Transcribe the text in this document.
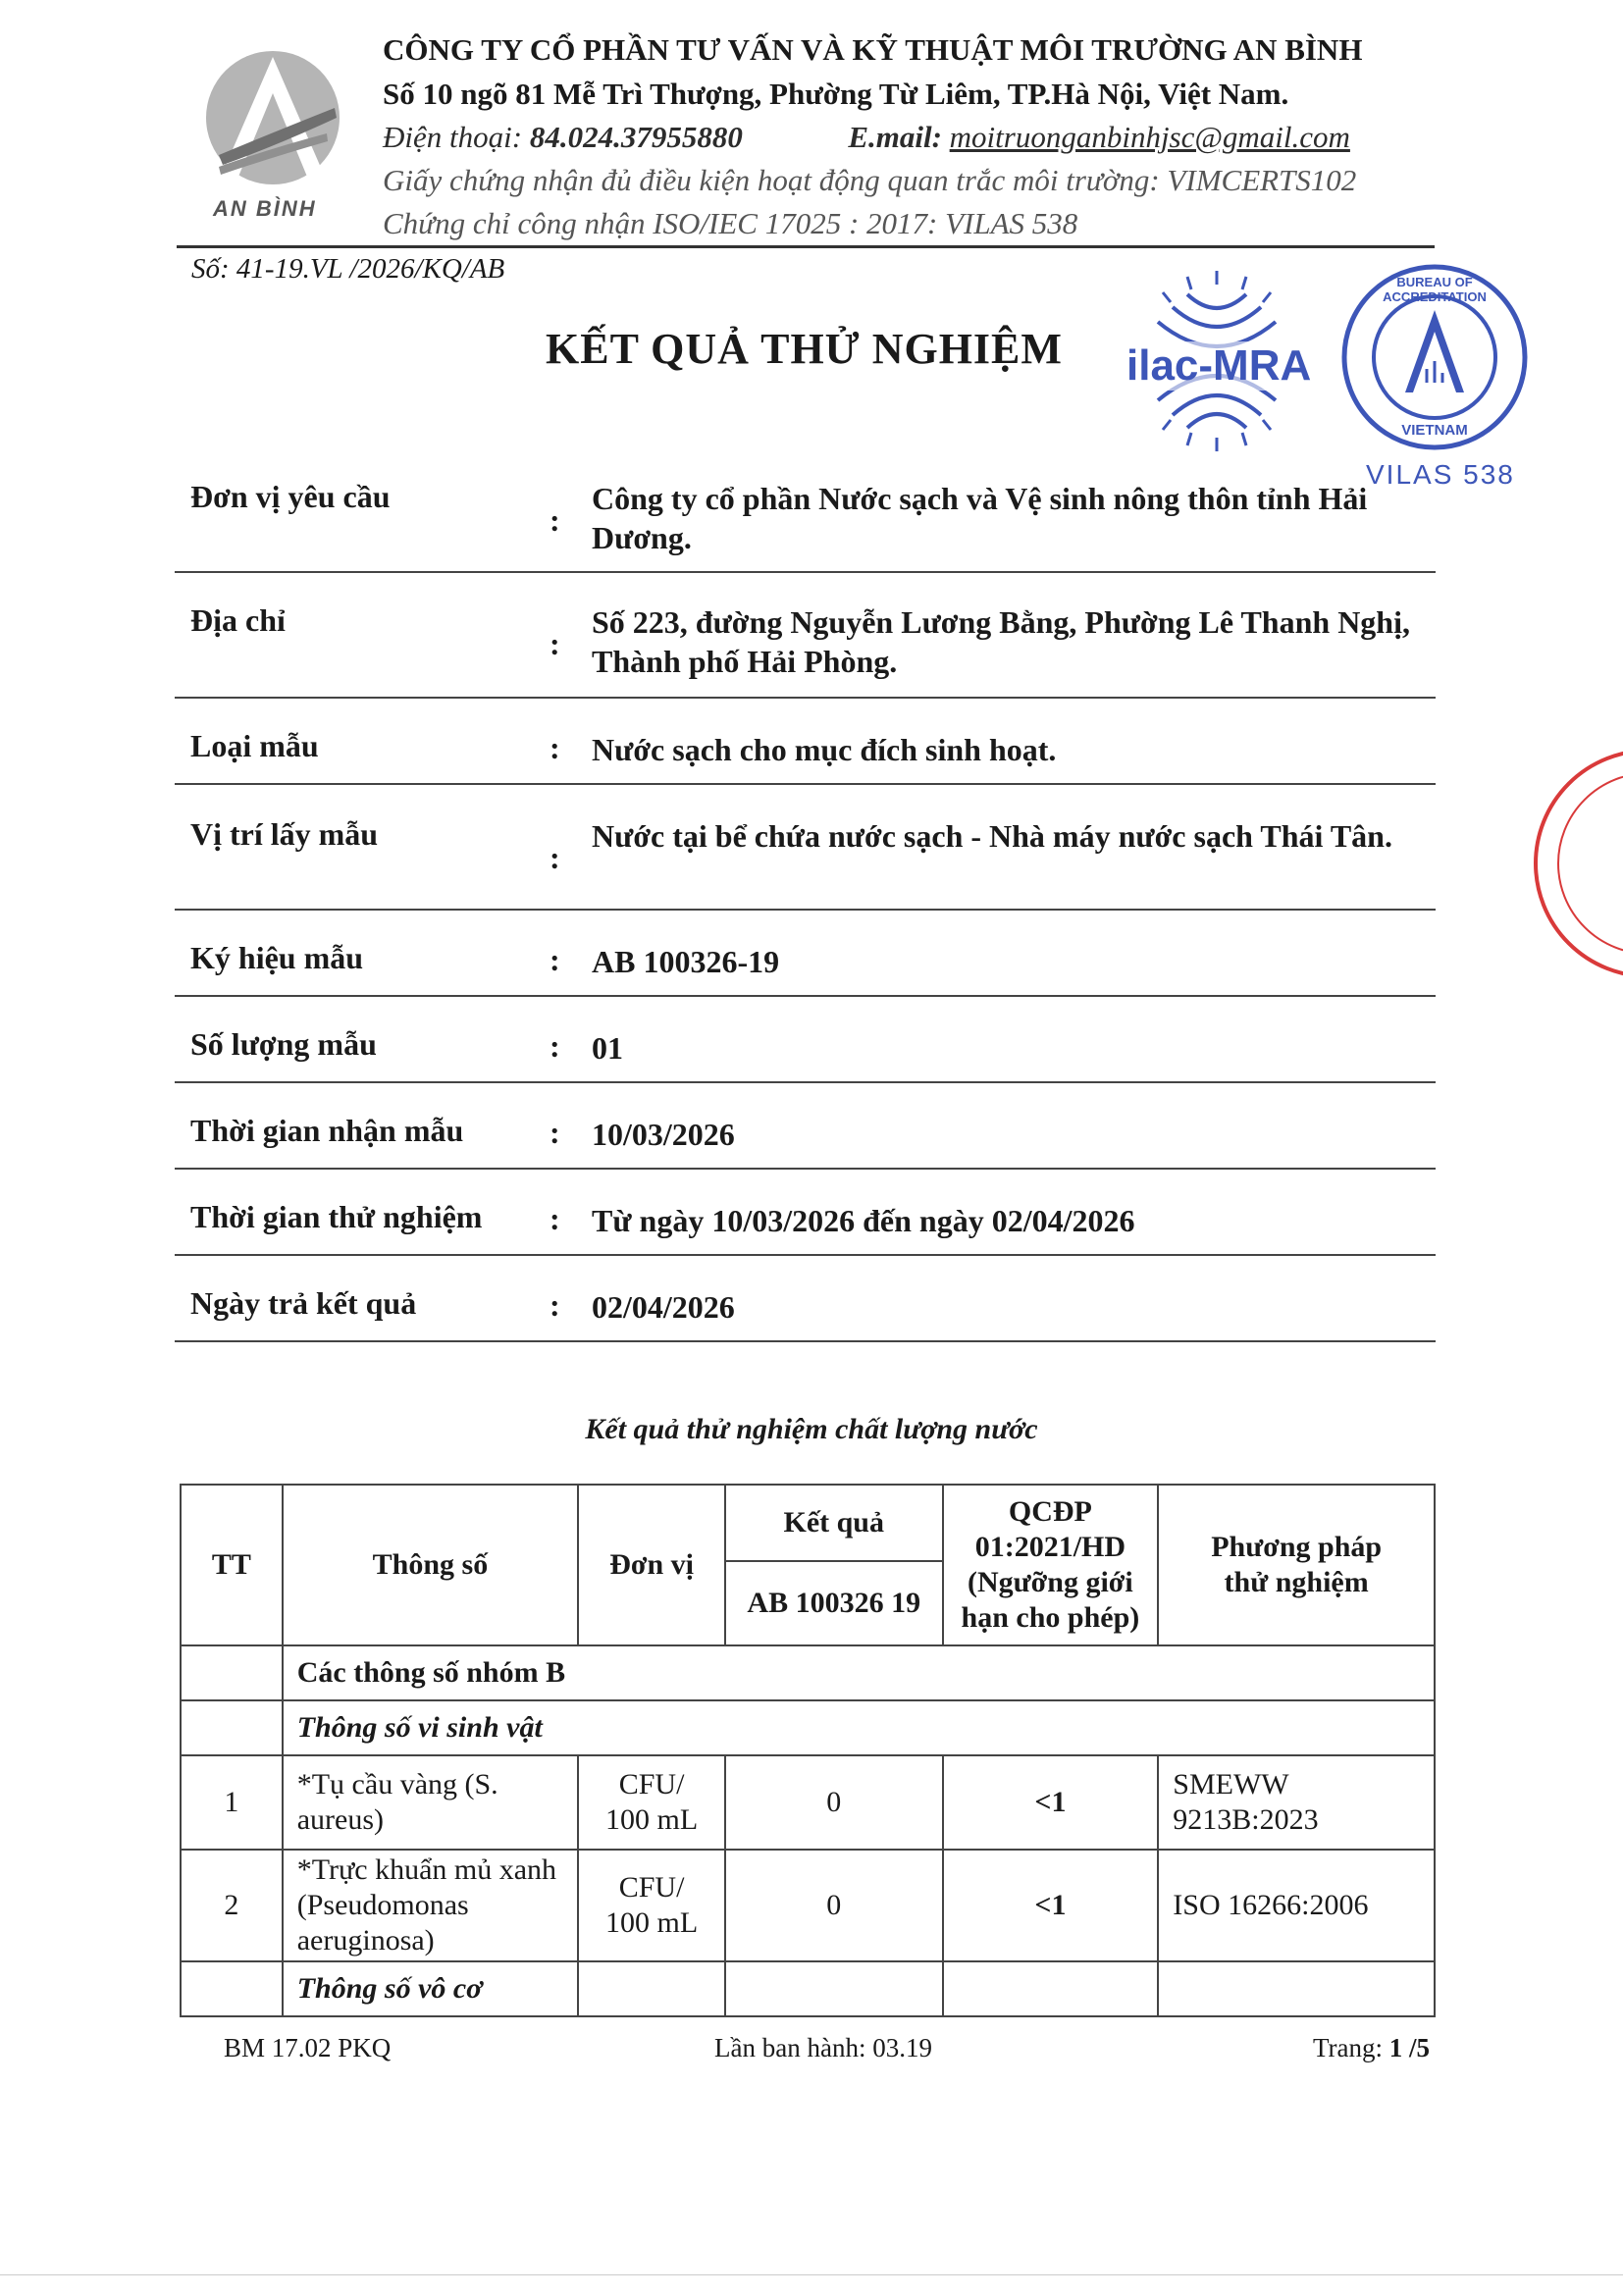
AN BÌNH
CÔNG TY CỔ PHẦN TƯ VẤN VÀ KỸ THUẬT MÔI TRƯỜNG AN BÌNH
Số 10 ngõ 81 Mễ Trì Thượng, Phường Từ Liêm, TP.Hà Nội, Việt Nam.
Điện thoại: 84.024.37955880	E.mail: moitruonganbinhjsc@gmail.com
Giấy chứng nhận đủ điều kiện hoạt động quan trắc môi trường: VIMCERTS102
Chứng chỉ công nhận ISO/IEC 17025 : 2017: VILAS 538
Số: 41-19.VL /2026/KQ/AB
KẾT QUẢ THỬ NGHIỆM ilac-MRA
BUREAU OF ACCREDITATION
VIETNAM
VILAS 538
Đơn vị yêu cầu
:
Công ty cổ phần Nước sạch và Vệ sinh nông thôn tỉnh Hải Dương.
Địa chỉ
:
Số 223, đường Nguyễn Lương Bằng, Phường Lê Thanh Nghị, Thành phố Hải Phòng.
Loại mẫu	: Nước sạch cho mục đích sinh hoạt.
Vị trí lấy mẫu
:
Nước tại bể chứa nước sạch - Nhà máy nước sạch Thái Tân.
Ký hiệu mẫu	: AB 100326-19
Số lượng mẫu	: 01
Thời gian nhận mẫu	: 10/03/2026
Thời gian thử nghiệm : Từ ngày 10/03/2026 đến ngày 02/04/2026
Ngày trả kết quả	: 02/04/2026
Kết quả thử nghiệm chất lượng nước
TT	Thông số	Đơn vị	Kết quả	QCĐP 01:2021/HD (Ngưỡng giới hạn cho phép)	Phương pháp thử nghiệm
			AB 100326 19		
	Các thông số nhóm B				
	Thông số vi sinh vật				
1	*Tụ cầu vàng (S. aureus)	CFU/ 100 mL	0	<1	SMEWW 9213B:2023
2	*Trực khuẩn mủ xanh (Pseudomonas aeruginosa)	CFU/ 100 mL	0	<1	ISO 16266:2006
	Thông số vô cơ				
BM 17.02 PKQ	Lần ban hành: 03.19	Trang: 1 /5
